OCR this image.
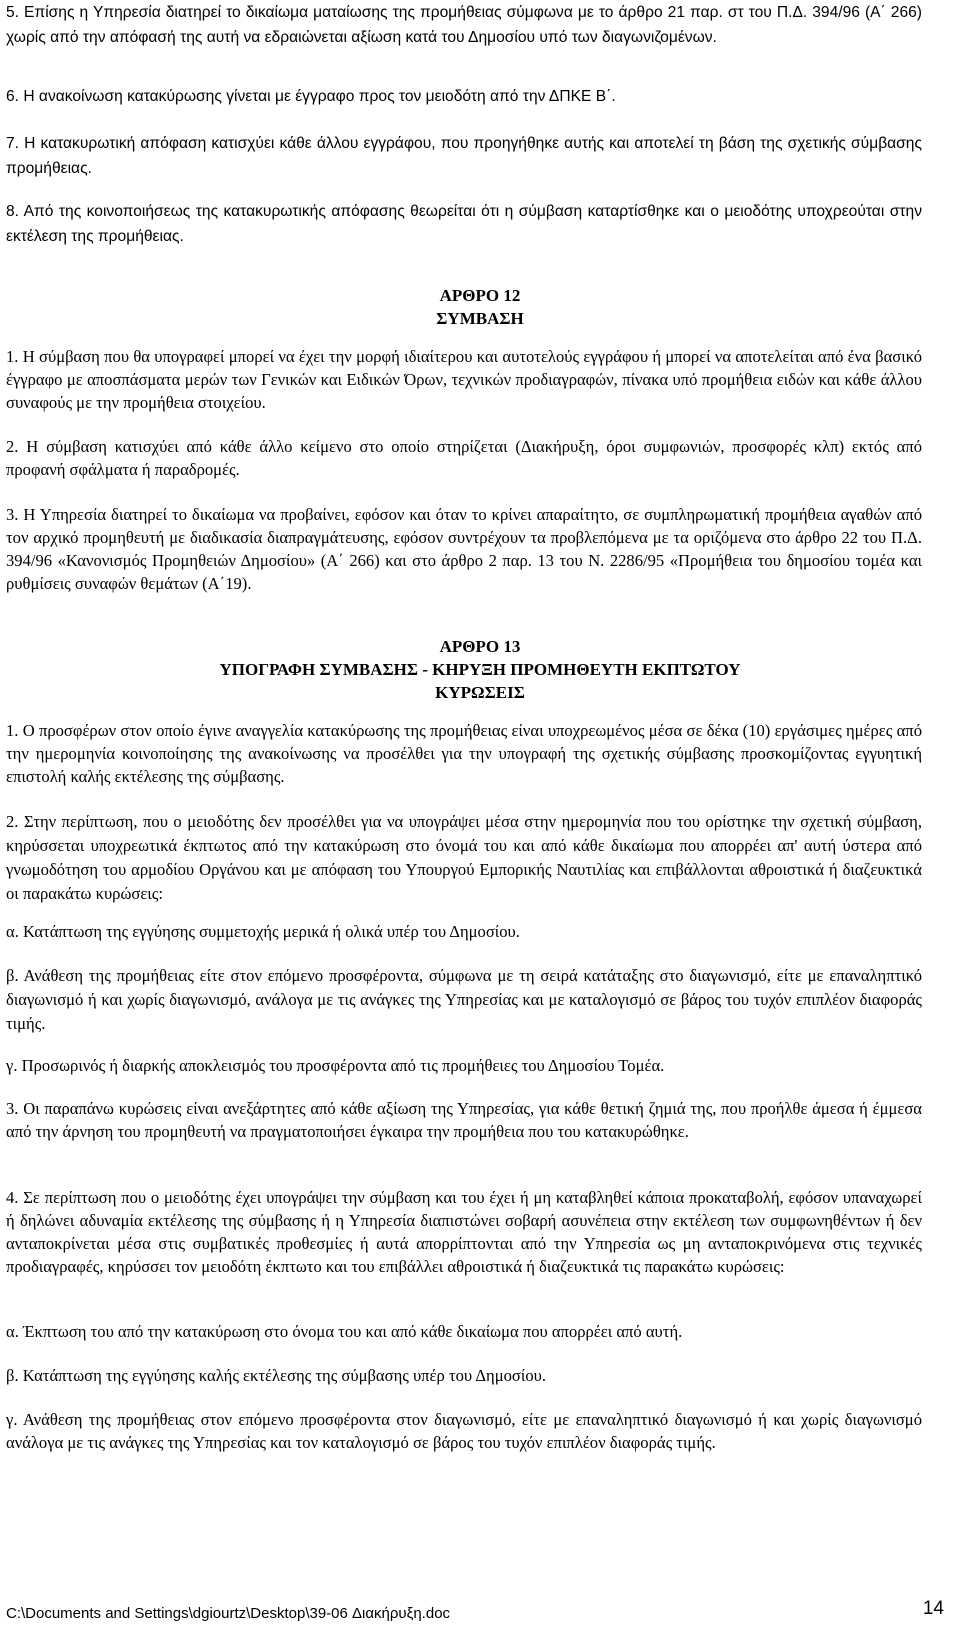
5. Επίσης η Υπηρεσία διατηρεί το δικαίωμα ματαίωσης της προμήθειας σύμφωνα με το άρθρο 21 παρ. στ του Π.Δ. 394/96 (Α΄ 266) χωρίς από την απόφασή της αυτή να εδραιώνεται αξίωση κατά του Δημοσίου υπό των διαγωνιζομένων.

6. Η ανακοίνωση κατακύρωσης γίνεται με έγγραφο προς τον μειοδότη από την ΔΠΚΕ Β΄.

7. Η κατακυρωτική απόφαση κατισχύει κάθε άλλου εγγράφου, που προηγήθηκε αυτής και αποτελεί τη βάση της σχετικής σύμβασης προμήθειας.

8. Από της κοινοποιήσεως της κατακυρωτικής απόφασης θεωρείται ότι η σύμβαση καταρτίσθηκε και ο μειοδότης υποχρεούται στην εκτέλεση της προμήθειας.

ΑΡΘΡΟ 12
ΣΥΜΒΑΣΗ

1. Η σύμβαση που θα υπογραφεί μπορεί να έχει την μορφή ιδιαίτερου και αυτοτελούς εγγράφου ή μπορεί να αποτελείται από ένα βασικό έγγραφο με αποσπάσματα μερών των Γενικών και Ειδικών Όρων, τεχνικών προδιαγραφών, πίνακα υπό προμήθεια ειδών και κάθε άλλου συναφούς με την προμήθεια στοιχείου.

2. Η σύμβαση κατισχύει από κάθε άλλο κείμενο στο οποίο στηρίζεται (Διακήρυξη, όροι συμφωνιών, προσφορές κλπ) εκτός από προφανή σφάλματα ή παραδρομές.

3. Η Υπηρεσία διατηρεί το δικαίωμα να προβαίνει, εφόσον και όταν το κρίνει απαραίτητο, σε συμπληρωματική προμήθεια αγαθών από τον αρχικό προμηθευτή με διαδικασία διαπραγμάτευσης, εφόσον συντρέχουν τα προβλεπόμενα με τα οριζόμενα στο άρθρο 22 του Π.Δ. 394/96 «Κανονισμός Προμηθειών Δημοσίου» (Α΄ 266) και στο άρθρο 2 παρ. 13 του Ν. 2286/95 «Προμήθεια του δημοσίου τομέα και ρυθμίσεις συναφών θεμάτων (Α΄19).

ΑΡΘΡΟ 13
ΥΠΟΓΡΑΦΗ ΣΥΜΒΑΣΗΣ - ΚΗΡΥΞΗ ΠΡΟΜΗΘΕΥΤΗ ΕΚΠΤΩΤΟΥ
ΚΥΡΩΣΕΙΣ

1. Ο προσφέρων στον οποίο έγινε αναγγελία κατακύρωσης της προμήθειας είναι υποχρεωμένος μέσα σε δέκα (10) εργάσιμες ημέρες από την ημερομηνία κοινοποίησης της ανακοίνωσης να προσέλθει για την υπογραφή της σχετικής σύμβασης προσκομίζοντας εγγυητική επιστολή καλής εκτέλεσης της σύμβασης.

2. Στην περίπτωση, που ο μειοδότης δεν προσέλθει για να υπογράψει μέσα στην ημερομηνία που του ορίστηκε την σχετική σύμβαση, κηρύσσεται υποχρεωτικά έκπτωτος από την κατακύρωση στο όνομά του και από κάθε δικαίωμα που απορρέει απ' αυτή ύστερα από γνωμοδότηση του αρμοδίου Οργάνου και με απόφαση του Υπουργού Εμπορικής Ναυτιλίας και επιβάλλονται αθροιστικά ή διαζευκτικά οι παρακάτω κυρώσεις:

α. Κατάπτωση της εγγύησης συμμετοχής μερικά ή ολικά υπέρ του Δημοσίου.

β. Ανάθεση της προμήθειας είτε στον επόμενο προσφέροντα, σύμφωνα με τη σειρά κατάταξης στο διαγωνισμό, είτε με επαναληπτικό διαγωνισμό ή και χωρίς διαγωνισμό, ανάλογα με τις ανάγκες της Υπηρεσίας και με καταλογισμό σε βάρος του τυχόν επιπλέον διαφοράς τιμής.

γ. Προσωρινός ή διαρκής αποκλεισμός του προσφέροντα από τις προμήθειες του Δημοσίου Τομέα.

3. Οι παραπάνω κυρώσεις είναι ανεξάρτητες από κάθε αξίωση της Υπηρεσίας, για κάθε θετική ζημιά της, που προήλθε άμεσα ή έμμεσα από την άρνηση του προμηθευτή να πραγματοποιήσει έγκαιρα την προμήθεια που του κατακυρώθηκε.

4. Σε περίπτωση που ο μειοδότης έχει υπογράψει την σύμβαση και του έχει ή μη καταβληθεί κάποια προκαταβολή, εφόσον υπαναχωρεί ή δηλώνει αδυναμία εκτέλεσης της σύμβασης ή η Υπηρεσία διαπιστώνει σοβαρή ασυνέπεια στην εκτέλεση των συμφωνηθέντων ή δεν ανταποκρίνεται μέσα στις συμβατικές προθεσμίες ή αυτά απορρίπτονται από την Υπηρεσία ως μη ανταποκρινόμενα στις τεχνικές προδιαγραφές, κηρύσσει τον μειοδότη έκπτωτο και του επιβάλλει αθροιστικά ή διαζευκτικά τις παρακάτω κυρώσεις:

α. Έκπτωση του από την κατακύρωση στο όνομα του και από κάθε δικαίωμα που απορρέει από αυτή.

β. Κατάπτωση της εγγύησης καλής εκτέλεσης της σύμβασης υπέρ του Δημοσίου.

γ. Ανάθεση της προμήθειας στον επόμενο προσφέροντα στον διαγωνισμό, είτε με επαναληπτικό διαγωνισμό ή και χωρίς διαγωνισμό ανάλογα με τις ανάγκες της Υπηρεσίας και τον καταλογισμό σε βάρος του τυχόν επιπλέον διαφοράς τιμής.

C:\Documents and Settings\dgiourtz\Desktop\39-06 Διακήρυξη.doc	14
